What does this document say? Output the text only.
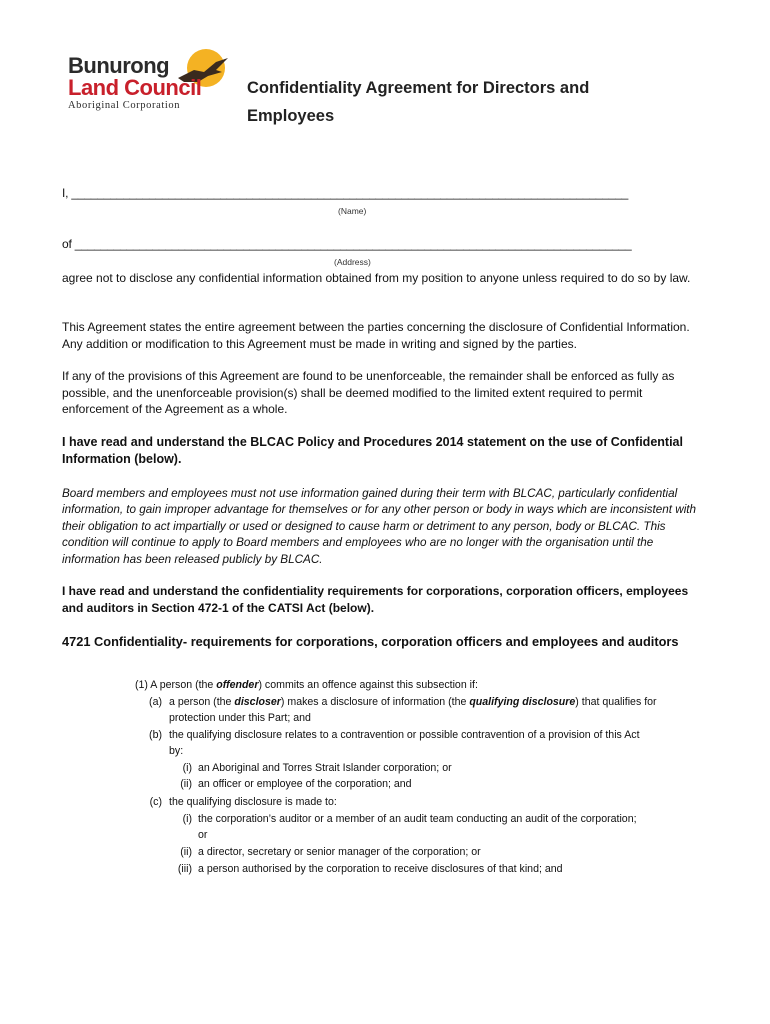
Bunurong
Land Council
Aboriginal Corporation
Confidentiality Agreement for Directors and
Employees
I, ______________________________________________________________________________________
(Name)
of ______________________________________________________________________________________
(Address)
agree not to disclose any confidential information obtained from my position to anyone unless required to do so by law.
This Agreement states the entire agreement between the parties concerning the disclosure of Confidential Information. Any addition or modification to this Agreement must be made in writing and signed by the parties.
If any of the provisions of this Agreement are found to be unenforceable, the remainder shall be enforced as fully as possible, and the unenforceable provision(s) shall be deemed modified to the limited extent required to permit enforcement of the Agreement as a whole.
I have read and understand the BLCAC Policy and Procedures 2014 statement on the use of Confidential Information (below).
Board members and employees must not use information gained during their term with BLCAC, particularly confidential information, to gain improper advantage for themselves or for any other person or body in ways which are inconsistent with their obligation to act impartially or used or designed to cause harm or detriment to any person, body or BLCAC. This condition will continue to apply to Board members and employees who are no longer with the organisation until the information has been released publicly by BLCAC.
I have read and understand the confidentiality requirements for corporations, corporation officers, employees and auditors in Section 472-1 of the CATSI Act (below).
4721 Confidentiality- requirements for corporations, corporation officers and employees and auditors
(1) A person (the offender) commits an offence against this subsection if:
(a) a person (the discloser) makes a disclosure of information (the qualifying disclosure) that qualifies for
protection under this Part; and
(b) the qualifying disclosure relates to a contravention or possible contravention of a provision of this Act
by:
(i) an Aboriginal and Torres Strait Islander corporation; or
(ii) an officer or employee of the corporation; and
(c) the qualifying disclosure is made to:
(i) the corporation’s auditor or a member of an audit team conducting an audit of the corporation;
or
(ii) a director, secretary or senior manager of the corporation; or
(iii) a person authorised by the corporation to receive disclosures of that kind; and
